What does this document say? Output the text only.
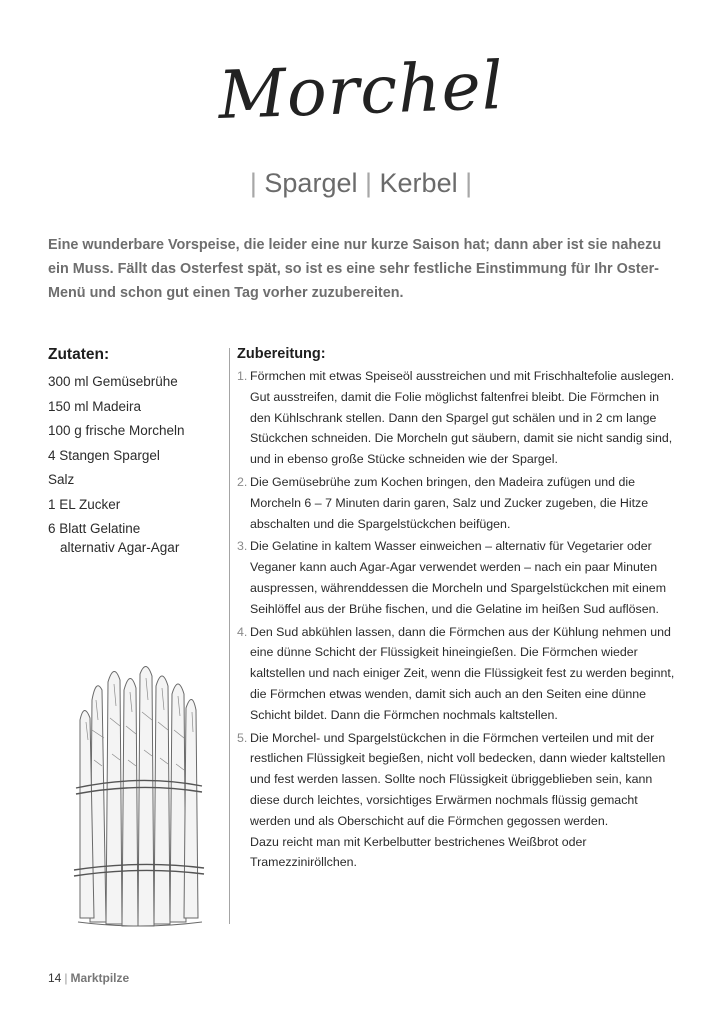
Morchel
| Spargel | Kerbel |
Eine wunderbare Vorspeise, die leider eine nur kurze Saison hat; dann aber ist sie nahezu ein Muss. Fällt das Osterfest spät, so ist es eine sehr festliche Einstimmung für Ihr Oster-Menü und schon gut einen Tag vorher zuzubereiten.
Zutaten:
300 ml Gemüsebrühe
150 ml Madeira
100 g frische Morcheln
4 Stangen Spargel
Salz
1 EL Zucker
6 Blatt Gelatine
alternativ Agar-Agar
Zubereitung:
1. Förmchen mit etwas Speiseöl ausstreichen und mit Frischhaltefolie auslegen. Gut ausstreifen, damit die Folie möglichst faltenfrei bleibt. Die Förmchen in den Kühlschrank stellen. Dann den Spargel gut schälen und in 2 cm lange Stückchen schneiden. Die Morcheln gut säubern, damit sie nicht sandig sind, und in ebenso große Stücke schneiden wie der Spargel.
2. Die Gemüsebrühe zum Kochen bringen, den Madeira zufügen und die Morcheln 6 – 7 Minuten darin garen, Salz und Zucker zugeben, die Hitze abschalten und die Spargelstückchen beifügen.
3. Die Gelatine in kaltem Wasser einweichen – alternativ für Vegetarier oder Veganer kann auch Agar-Agar verwendet werden – nach ein paar Minuten auspressen, währenddessen die Morcheln und Spargelstückchen mit einem Seihlöffel aus der Brühe fischen, und die Gelatine im heißen Sud auflösen.
4. Den Sud abkühlen lassen, dann die Förmchen aus der Kühlung nehmen und eine dünne Schicht der Flüssigkeit hineingießen. Die Förmchen wieder kaltstellen und nach einiger Zeit, wenn die Flüssigkeit fest zu werden beginnt, die Förmchen etwas wenden, damit sich auch an den Seiten eine dünne Schicht bildet. Dann die Förmchen nochmals kaltstellen.
5. Die Morchel- und Spargelstückchen in die Förmchen verteilen und mit der restlichen Flüssigkeit begießen, nicht voll bedecken, dann wieder kaltstellen und fest werden lassen. Sollte noch Flüssigkeit übriggeblieben sein, kann diese durch leichtes, vorsichtiges Erwärmen nochmals flüssig gemacht werden und als Oberschicht auf die Förmchen gegossen werden.
Dazu reicht man mit Kerbelbutter bestrichenes Weißbrot oder Tramezzinіröllchen.
14 | Marktpilze
